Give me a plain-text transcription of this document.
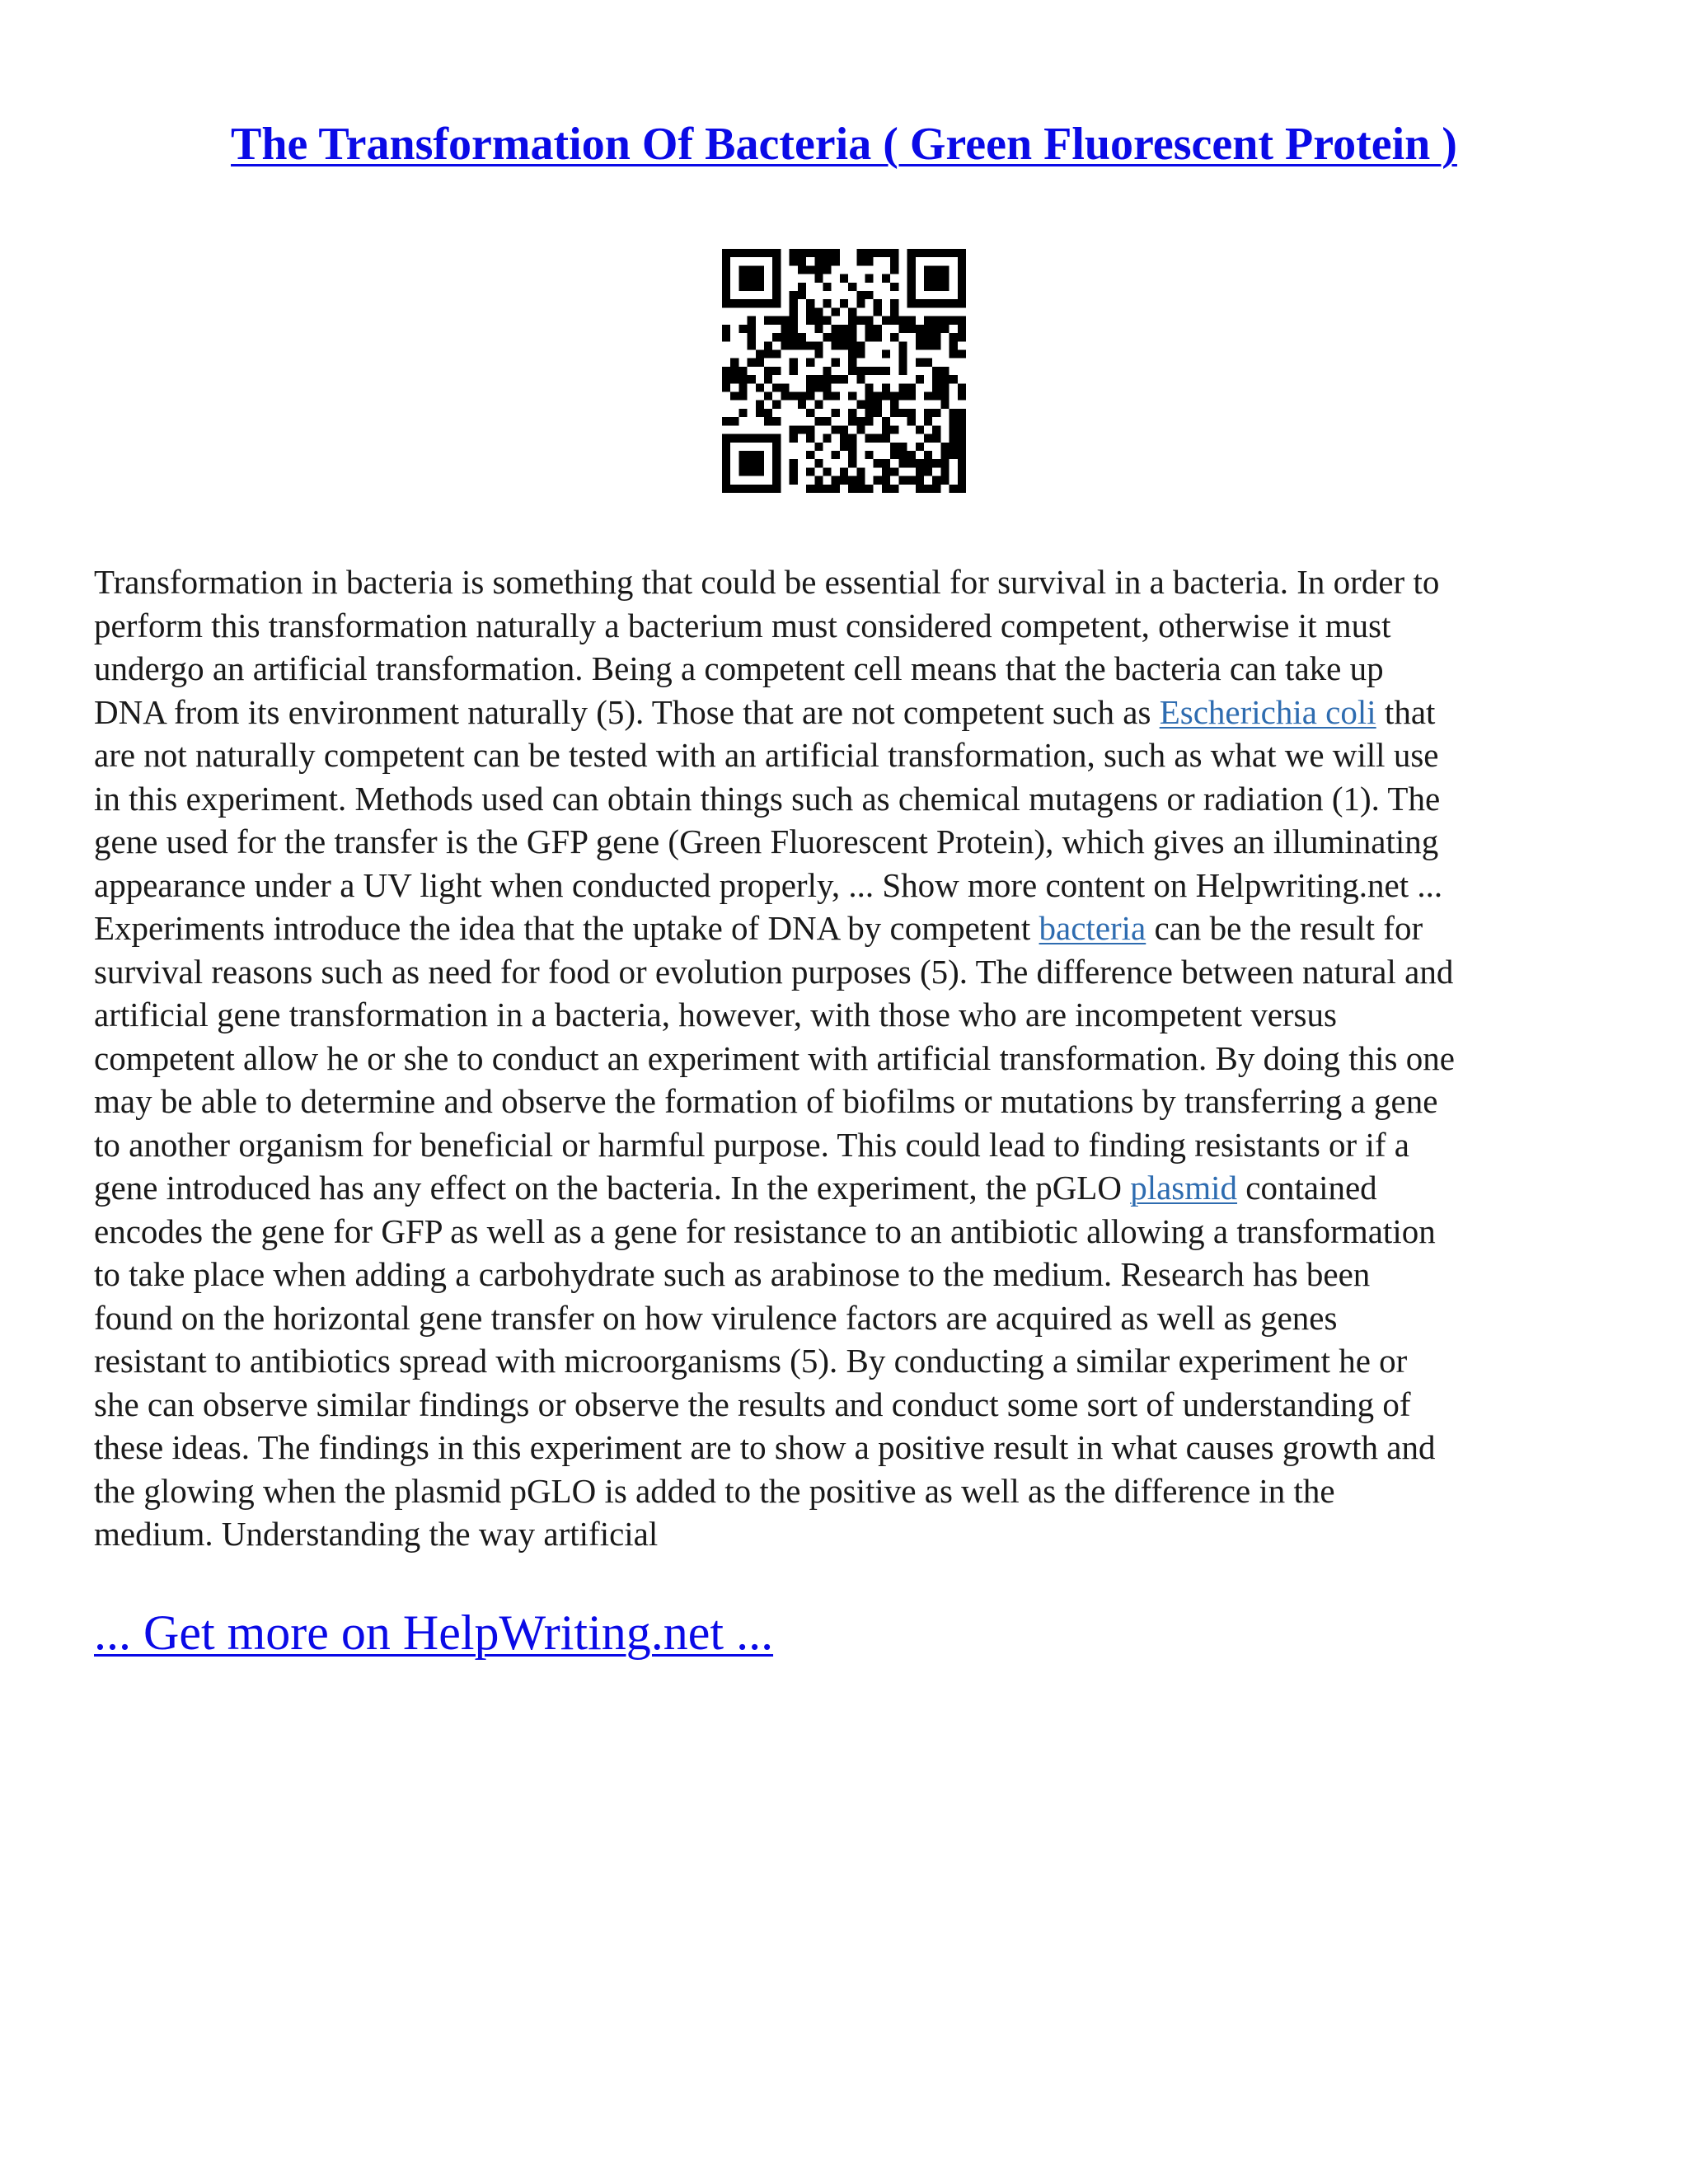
The Transformation Of Bacteria ( Green Fluorescent Protein )
Transformation in bacteria is something that could be essential for survival in a bacteria. In order to
perform this transformation naturally a bacterium must considered competent, otherwise it must
undergo an artificial transformation. Being a competent cell means that the bacteria can take up
DNA from its environment naturally (5). Those that are not competent such as Escherichia coli that
are not naturally competent can be tested with an artificial transformation, such as what we will use
in this experiment. Methods used can obtain things such as chemical mutagens or radiation (1). The
gene used for the transfer is the GFP gene (Green Fluorescent Protein), which gives an illuminating
appearance under a UV light when conducted properly, ... Show more content on Helpwriting.net ...
Experiments introduce the idea that the uptake of DNA by competent bacteria can be the result for
survival reasons such as need for food or evolution purposes (5). The difference between natural and
artificial gene transformation in a bacteria, however, with those who are incompetent versus
competent allow he or she to conduct an experiment with artificial transformation. By doing this one
may be able to determine and observe the formation of biofilms or mutations by transferring a gene
to another organism for beneficial or harmful purpose. This could lead to finding resistants or if a
gene introduced has any effect on the bacteria. In the experiment, the pGLO plasmid contained
encodes the gene for GFP as well as a gene for resistance to an antibiotic allowing a transformation
to take place when adding a carbohydrate such as arabinose to the medium. Research has been
found on the horizontal gene transfer on how virulence factors are acquired as well as genes
resistant to antibiotics spread with microorganisms (5). By conducting a similar experiment he or
she can observe similar findings or observe the results and conduct some sort of understanding of
these ideas. The findings in this experiment are to show a positive result in what causes growth and
the glowing when the plasmid pGLO is added to the positive as well as the difference in the
medium. Understanding the way artificial

... Get more on HelpWriting.net ...
